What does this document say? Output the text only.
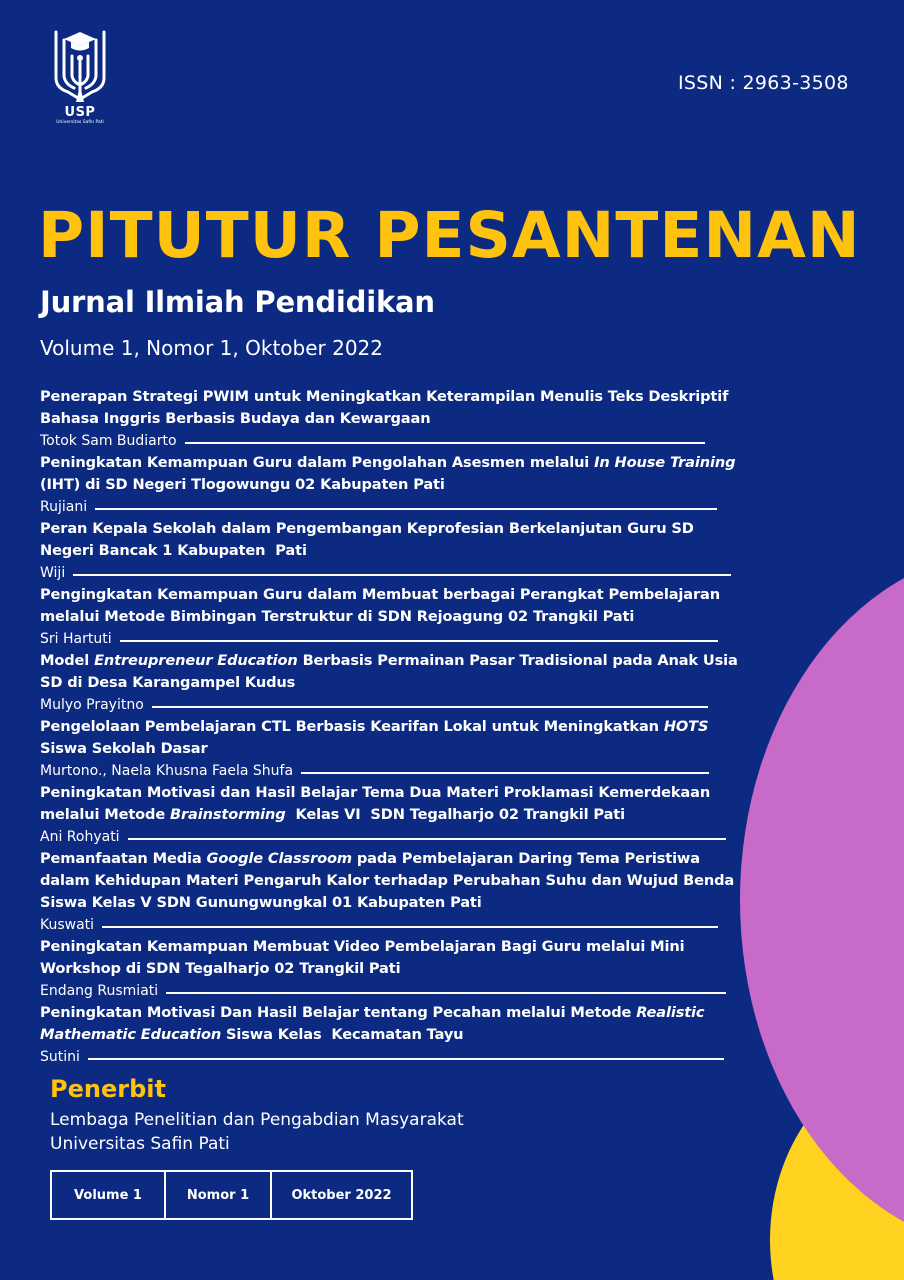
USP
Universitas Safin Pati
ISSN : 2963-3508
PITUTUR PESANTENAN
Jurnal Ilmiah Pendidikan
Volume 1, Nomor 1, Oktober 2022
Penerapan Strategi PWIM untuk Meningkatkan Keterampilan Menulis Teks Deskriptif Bahasa Inggris Berbasis Budaya dan Kewargaan
Totok Sam Budiarto
Peningkatan Kemampuan Guru dalam Pengolahan Asesmen melalui In House Training (IHT) di SD Negeri Tlogowungu 02 Kabupaten Pati
Rujiani
Peran Kepala Sekolah dalam Pengembangan Keprofesian Berkelanjutan Guru SD Negeri Bancak 1 Kabupaten  Pati
Wiji
Pengingkatan Kemampuan Guru dalam Membuat berbagai Perangkat Pembelajaran melalui Metode Bimbingan Terstruktur di SDN Rejoagung 02 Trangkil Pati
Sri Hartuti
Model Entreupreneur Education Berbasis Permainan Pasar Tradisional pada Anak Usia SD di Desa Karangampel Kudus
Mulyo Prayitno
Pengelolaan Pembelajaran CTL Berbasis Kearifan Lokal untuk Meningkatkan HOTS Siswa Sekolah Dasar
Murtono., Naela Khusna Faela Shufa
Peningkatan Motivasi dan Hasil Belajar Tema Dua Materi Proklamasi Kemerdekaan melalui Metode Brainstorming  Kelas VI  SDN Tegalharjo 02 Trangkil Pati
Ani Rohyati
Pemanfaatan Media Google Classroom pada Pembelajaran Daring Tema Peristiwa dalam Kehidupan Materi Pengaruh Kalor terhadap Perubahan Suhu dan Wujud Benda Siswa Kelas V SDN Gunungwungkal 01 Kabupaten Pati
Kuswati
Peningkatan Kemampuan Membuat Video Pembelajaran Bagi Guru melalui Mini Workshop di SDN Tegalharjo 02 Trangkil Pati
Endang Rusmiati
Peningkatan Motivasi Dan Hasil Belajar tentang Pecahan melalui Metode Realistic Mathematic Education Siswa Kelas  Kecamatan Tayu
Sutini
Penerbit
Lembaga Penelitian dan Pengabdian Masyarakat
Universitas Safin Pati
Volume 1	Nomor 1	Oktober 2022
